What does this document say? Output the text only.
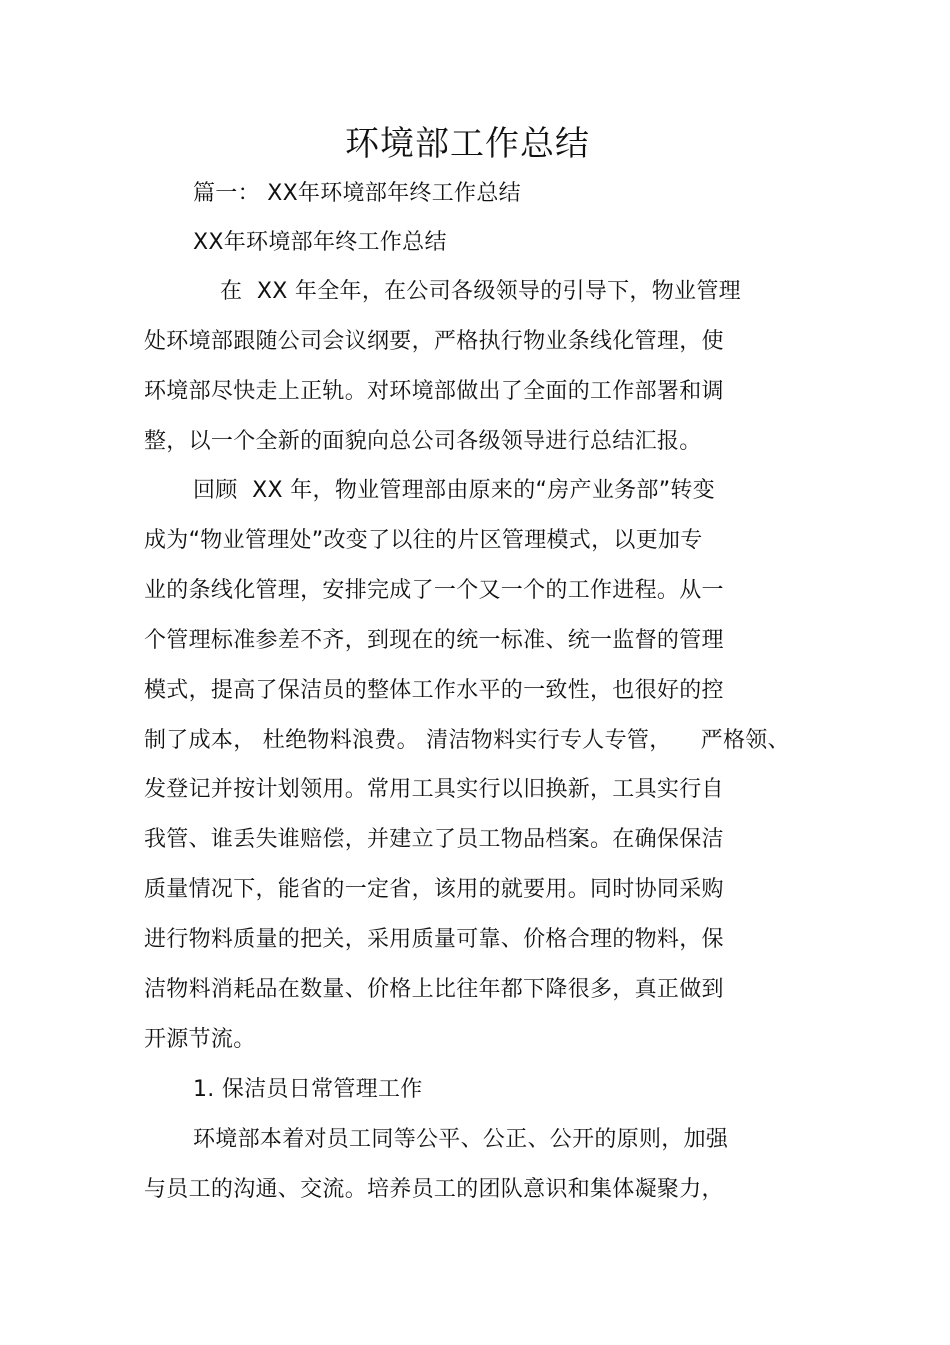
环境部工作总结
篇一： XX年环境部年终工作总结
XX年环境部年终工作总结
在  XX 年全年，在公司各级领导的引导下，物业管理
处环境部跟随公司会议纲要，严格执行物业条线化管理，使
环境部尽快走上正轨。对环境部做出了全面的工作部署和调
整，以一个全新的面貌向总公司各级领导进行总结汇报。
回顾  XX 年，物业管理部由原来的“房产业务部”转变
成为“物业管理处”改变了以往的片区管理模式，以更加专
业的条线化管理，安排完成了一个又一个的工作进程。从一
个管理标准参差不齐，到现在的统一标准、统一监督的管理
模式，提高了保洁员的整体工作水平的一致性，也很好的控
制了成本， 杜绝物料浪费。 清洁物料实行专人专管，    严格领、
发登记并按计划领用。常用工具实行以旧换新，工具实行自
我管、谁丢失谁赔偿，并建立了员工物品档案。在确保保洁
质量情况下，能省的一定省，该用的就要用。同时协同采购
进行物料质量的把关，采用质量可靠、价格合理的物料，保
洁物料消耗品在数量、价格上比往年都下降很多，真正做到
开源节流。
1. 保洁员日常管理工作
环境部本着对员工同等公平、公正、公开的原则，加强
与员工的沟通、交流。培养员工的团队意识和集体凝聚力，
